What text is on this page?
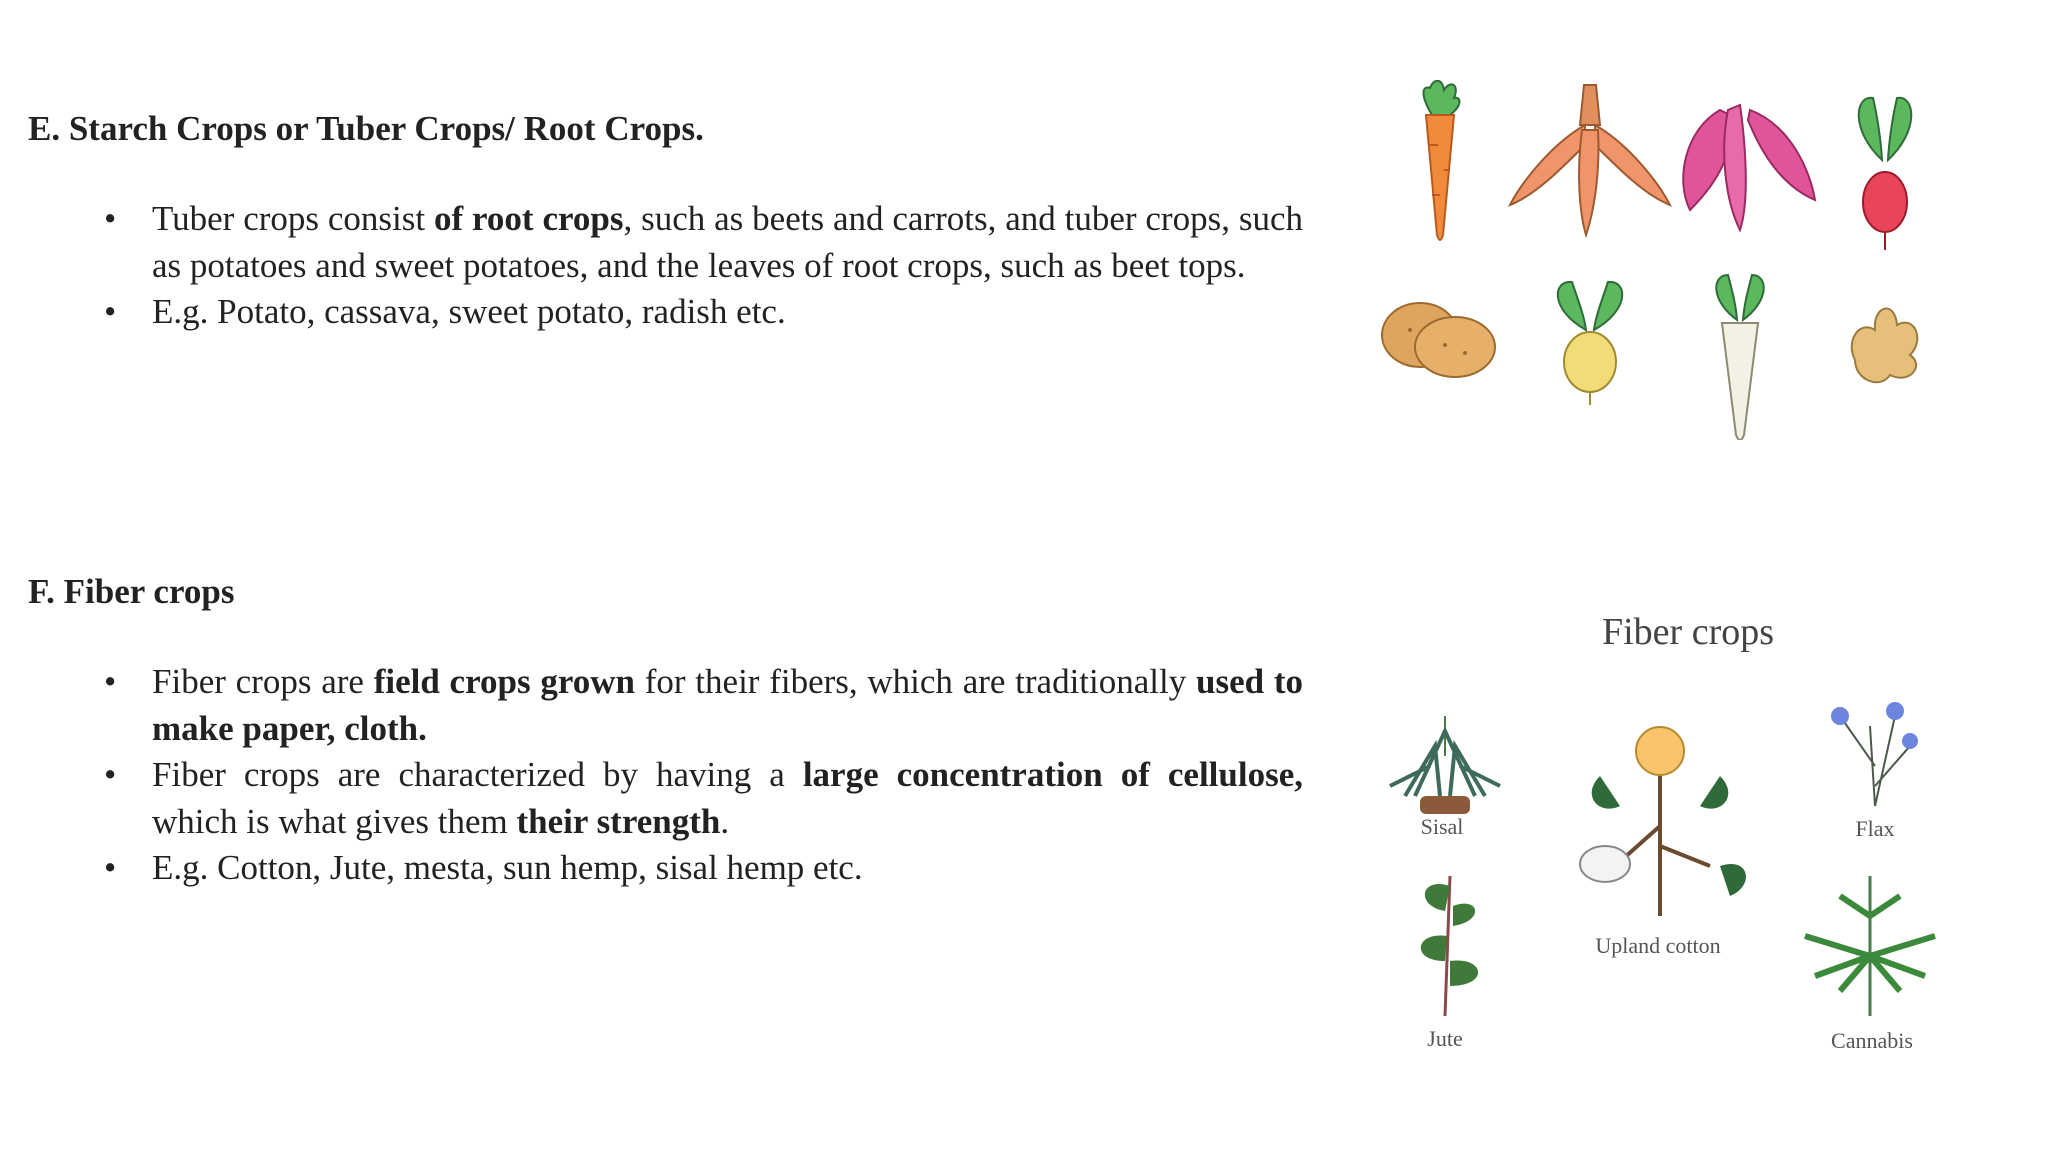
E. Starch Crops or Tuber Crops/ Root Crops.
• Tuber crops consist of root crops, such as beets and carrots, and tuber crops, such as potatoes and sweet potatoes, and the leaves of root crops, such as beet tops.
• E.g. Potato, cassava, sweet potato, radish etc.
F. Fiber crops
• Fiber crops are field crops grown for their fibers, which are traditionally used to make paper, cloth.
• Fiber crops are characterized by having a large concentration of cellulose, which is what gives them their strength.
• E.g. Cotton, Jute, mesta, sun hemp, sisal hemp etc.
Fiber crops
Sisal	Flax
Upland cotton
Jute	Cannabis
